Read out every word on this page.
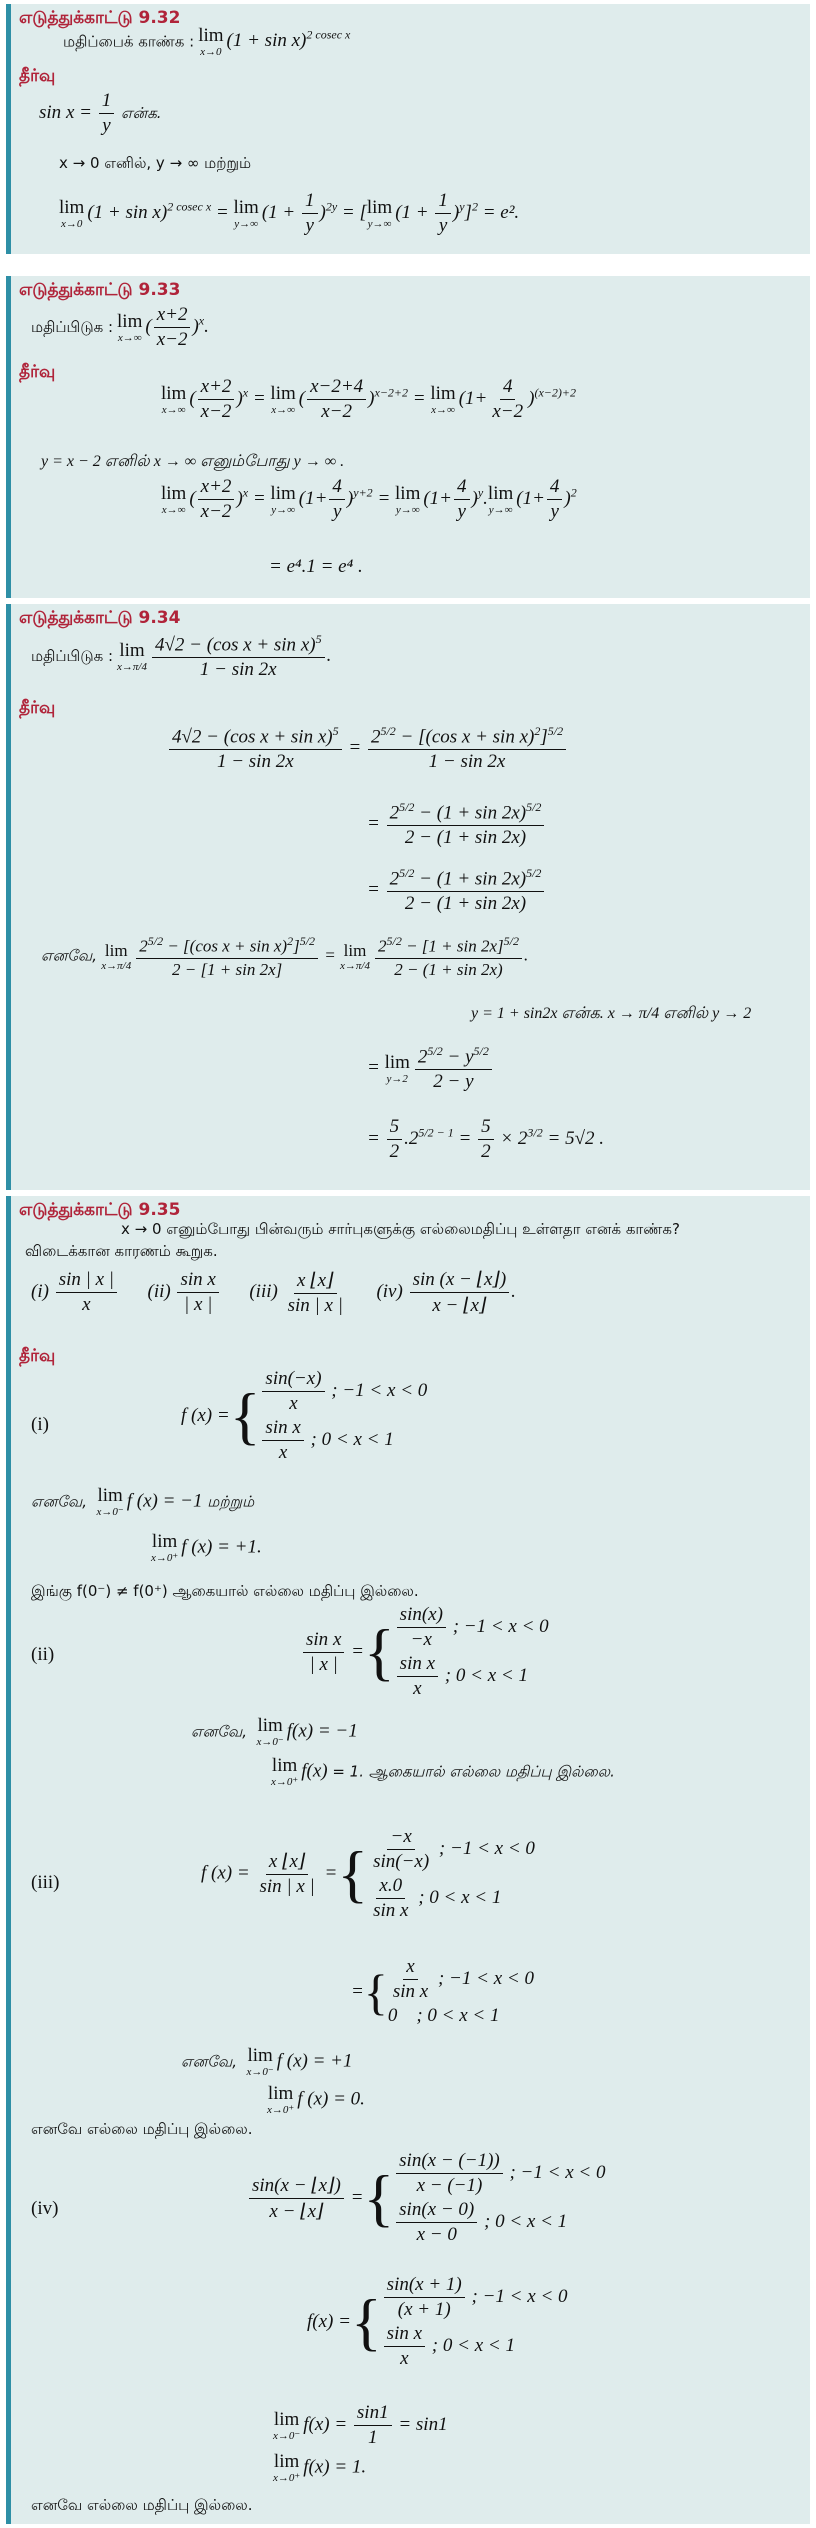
எடுத்துக்காட்டு 9.32
மதிப்பைக் காண்க : lim
x→0
$(1 + \sin x)^{2 cosec x}$
தீர்வு
$\sin x = \frac{1}{y}$ என்க.
x → 0 எனில், y → ∞ மற்றும்
lim
x→0
$(1 + \sin x)^{2 cosec x} = \lim$
y→∞
$(1 + \frac{1}{y} )^{2y}$ = [ lim
y→∞
$(1 + \frac{1}{y} )^y]^2 = e^2$.
எடுத்துக்காட்டு 9.33
மதிப்பிடுக : lim
x→∞
( $\frac{x+2}{x-2} )^x$.
தீர்வு
lim
x→∞
( $\frac{x+2}{x-2} )^x = \lim$
x→∞
( $\frac{x-2+4}{x-2} )^{x-2+2} = \lim$
x→∞
$(1+ \frac{4}{x-2} )^{(x-2)+2}$
y = x − 2 எனில் x → ∞ எனும்போது y → ∞ .
lim
x→∞
( $\frac{x+2}{x-2} )^x = \lim$
y→∞
$(1+ \frac{4}{y} )^{y+2} = \lim$
y→∞
$(1+ \frac{4}{y} )^y$. lim
y→∞
$(1+ \frac{4}{y} )^2$
= e⁴.1 = e⁴ .
எடுத்துக்காட்டு 9.34
மதிப்பிடுக : lim
$x\to\pi/4 \frac{4√2 - (\cos x + \sin x)^5}{1 - \sin 2x}$ .
தீர்வு
$\frac{4√2 - (\cos x + \sin x)^5}{1 - \sin 2x} = \frac{2^{5/2} - [(\cos x + \sin x)^2]^{5/2}}{1 - \sin 2x}$
= $\frac{2^{5/2} - (1 + \sin 2x)^{5/2}}{2 - (1 + \sin 2x)}$
= $\frac{2^{5/2} - (1 + \sin 2x)^{5/2}}{2 - (1 + \sin 2x)}$
எனவே, lim
$x\to\pi/4 \frac{2^{5/2} - [(\cos x + \sin x)^2]^{5/2}}{2 - [1 + \sin 2x]} = \lim$
$x\to\pi/4 \frac{2^{5/2} - [1 + \sin 2x]^{5/2}}{2 - (1 + \sin 2x)}$ .
y = 1 + sin2x என்க. x → π/4 எனில் y → 2
= lim
$y\to 2 \frac{2^{5/2} - y^{5/2}}{2 - y}$
= $\frac{5}{2} .2^{5/2 - 1} = \frac{5}{2} \times 2^{3/2} = 5√2$ .
எடுத்துக்காட்டு 9.35
x → 0 எனும்போது பின்வரும் சார்புகளுக்கு எல்லைமதிப்பு உள்ளதா எனக் காண்க?
விடைக்கான காரணம் கூறுக.
$(i) \frac{\sin | x |}{x} (ii) \frac{\text{sin x}}{| x |} (iii) \frac{x ⌊x⌋}{\sin | x |} (iv) \frac{\sin (x - ⌊x⌋)}{x - ⌊x⌋}$ .
தீர்வு
(i)	f (x) = { $\frac{\sin(-x)}{x}$ ; −1 < x < 0
$\frac{\text{sin x}}{x}$ ; 0 < x < 1
எனவே, lim
x→0⁻
f (x) = −1 மற்றும்
lim
x→0⁺
f (x) = +1.
இங்கு f(0⁻) ≠ f(0⁺) ஆகையால் எல்லை மதிப்பு இல்லை.
(ii)	$\frac{\text{sin x}}{| x |}$ = { $\frac{\sin(x)}{-x}$ ; −1 < x < 0
$\frac{\text{sin x}}{x}$ ; 0 < x < 1
எனவே, lim
x→0⁻
f(x) = −1
lim
x→0⁺
f(x) = 1. ஆகையால் எல்லை மதிப்பு இல்லை.
(iii)	f $(x) = \frac{x ⌊x⌋}{\sin | x |}$ = { $\frac{-x}{\sin(-x)}$ ; −1 < x < 0
$\frac{x.0}{\text{sin x}}$ ; 0 < x < 1
= { $\frac{x}{\text{sin x}}$ ; −1 < x < 0
0    ; 0 < x < 1
எனவே, lim
x→0⁻
f (x) = +1
lim
x→0⁺
f (x) = 0.
எனவே எல்லை மதிப்பு இல்லை.
(iv)	$\frac{\sin(x - ⌊x⌋)}{x - ⌊x⌋}$ = { $\frac{\sin(x - (-1))}{x - (-1)}$ ; −1 < x < 0
$\frac{\sin(x - 0)}{x - 0}$ ; 0 < x < 1
f(x) = { $\frac{\sin(x + 1)}{(x + 1)}$ ; −1 < x < 0
$\frac{\text{sin x}}{x}$ ; 0 < x < 1
lim
x→0⁻
$f(x) = \frac{\sin 1}{1} = \sin 1$
lim
x→0⁺
f(x) = 1.
எனவே எல்லை மதிப்பு இல்லை.
